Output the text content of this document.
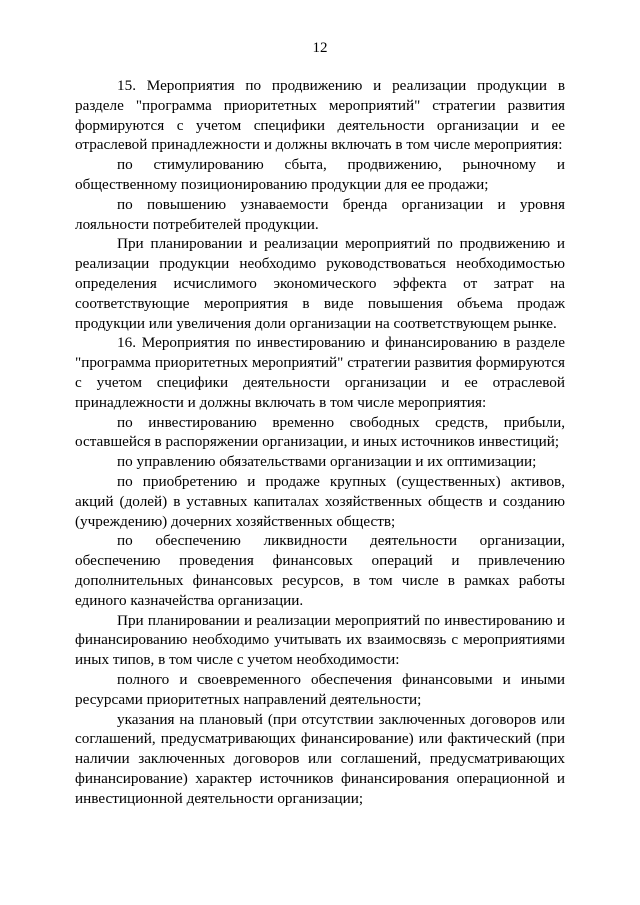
12

15. Мероприятия по продвижению и реализации продукции в разделе "программа приоритетных мероприятий" стратегии развития формируются с учетом специфики деятельности организации и ее отраслевой принадлежности и должны включать в том числе мероприятия:

по стимулированию сбыта, продвижению, рыночному и общественному позиционированию продукции для ее продажи;

по повышению узнаваемости бренда организации и уровня лояльности потребителей продукции.

При планировании и реализации мероприятий по продвижению и реализации продукции необходимо руководствоваться необходимостью определения исчислимого экономического эффекта от затрат на соответствующие мероприятия в виде повышения объема продаж продукции или увеличения доли организации на соответствующем рынке.

16. Мероприятия по инвестированию и финансированию в разделе "программа приоритетных мероприятий" стратегии развития формируются с учетом специфики деятельности организации и ее отраслевой принадлежности и должны включать в том числе мероприятия:

по инвестированию временно свободных средств, прибыли, оставшейся в распоряжении организации, и иных источников инвестиций;

по управлению обязательствами организации и их оптимизации;

по приобретению и продаже крупных (существенных) активов, акций (долей) в уставных капиталах хозяйственных обществ и созданию (учреждению) дочерних хозяйственных обществ;

по обеспечению ликвидности деятельности организации, обеспечению проведения финансовых операций и привлечению дополнительных финансовых ресурсов, в том числе в рамках работы единого казначейства организации.

При планировании и реализации мероприятий по инвестированию и финансированию необходимо учитывать их взаимосвязь с мероприятиями иных типов, в том числе с учетом необходимости:

полного и своевременного обеспечения финансовыми и иными ресурсами приоритетных направлений деятельности;

указания на плановый (при отсутствии заключенных договоров или соглашений, предусматривающих финансирование) или фактический (при наличии заключенных договоров или соглашений, предусматривающих финансирование) характер источников финансирования операционной и инвестиционной деятельности организации;
